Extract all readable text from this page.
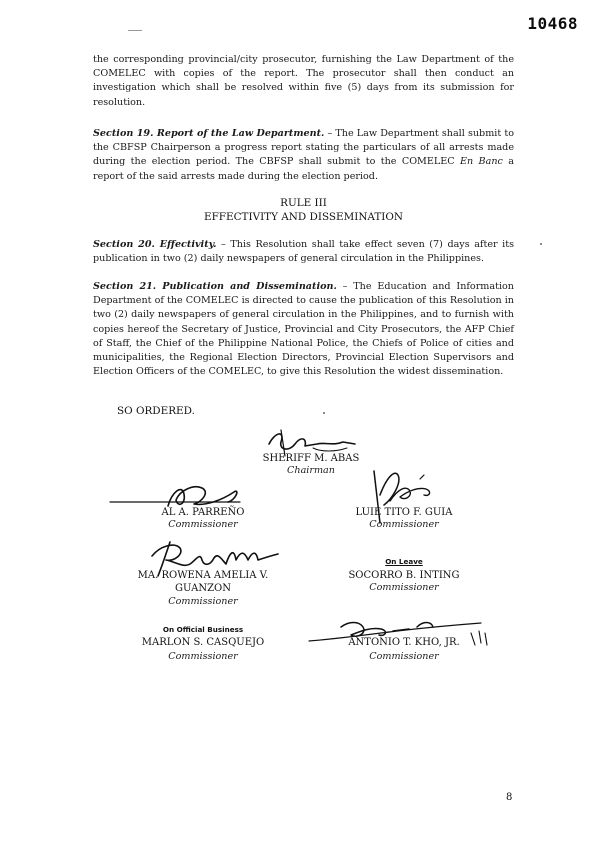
10468

the corresponding provincial/city prosecutor, furnishing the Law Department of the COMELEC with copies of the report. The prosecutor shall then conduct an investigation which shall be resolved within five (5) days from its submission for resolution.

Section 19. Report of the Law Department. – The Law Department shall submit to the CBFSP Chairperson a progress report stating the particulars of all arrests made during the election period. The CBFSP shall submit to the COMELEC En Banc a report of the said arrests made during the election period.

RULE III

EFFECTIVITY AND DISSEMINATION

Section 20. Effectivity. – This Resolution shall take effect seven (7) days after its publication in two (2) daily newspapers of general circulation in the Philippines.

Section 21. Publication and Dissemination. – The Education and Information Department of the COMELEC is directed to cause the publication of this Resolution in two (2) daily newspapers of general circulation in the Philippines, and to furnish with copies hereof the Secretary of Justice, Provincial and City Prosecutors, the AFP Chief of Staff, the Chief of the Philippine National Police, the Chiefs of Police of cities and municipalities, the Regional Election Directors, Provincial Election Supervisors and Election Officers of the COMELEC, to give this Resolution the widest dissemination.

SO ORDERED.

SHERIFF M. ABAS

Chairman

AL A. PARREÑO

Commissioner

LUIE TITO F. GUIA

Commissioner

MA. ROWENA AMELIA V.

GUANZON

Commissioner

On Leave

SOCORRO B. INTING

Commissioner

On Official Business

MARLON S. CASQUEJO

Commissioner

ANTONIO T. KHO, JR.

Commissioner

8
